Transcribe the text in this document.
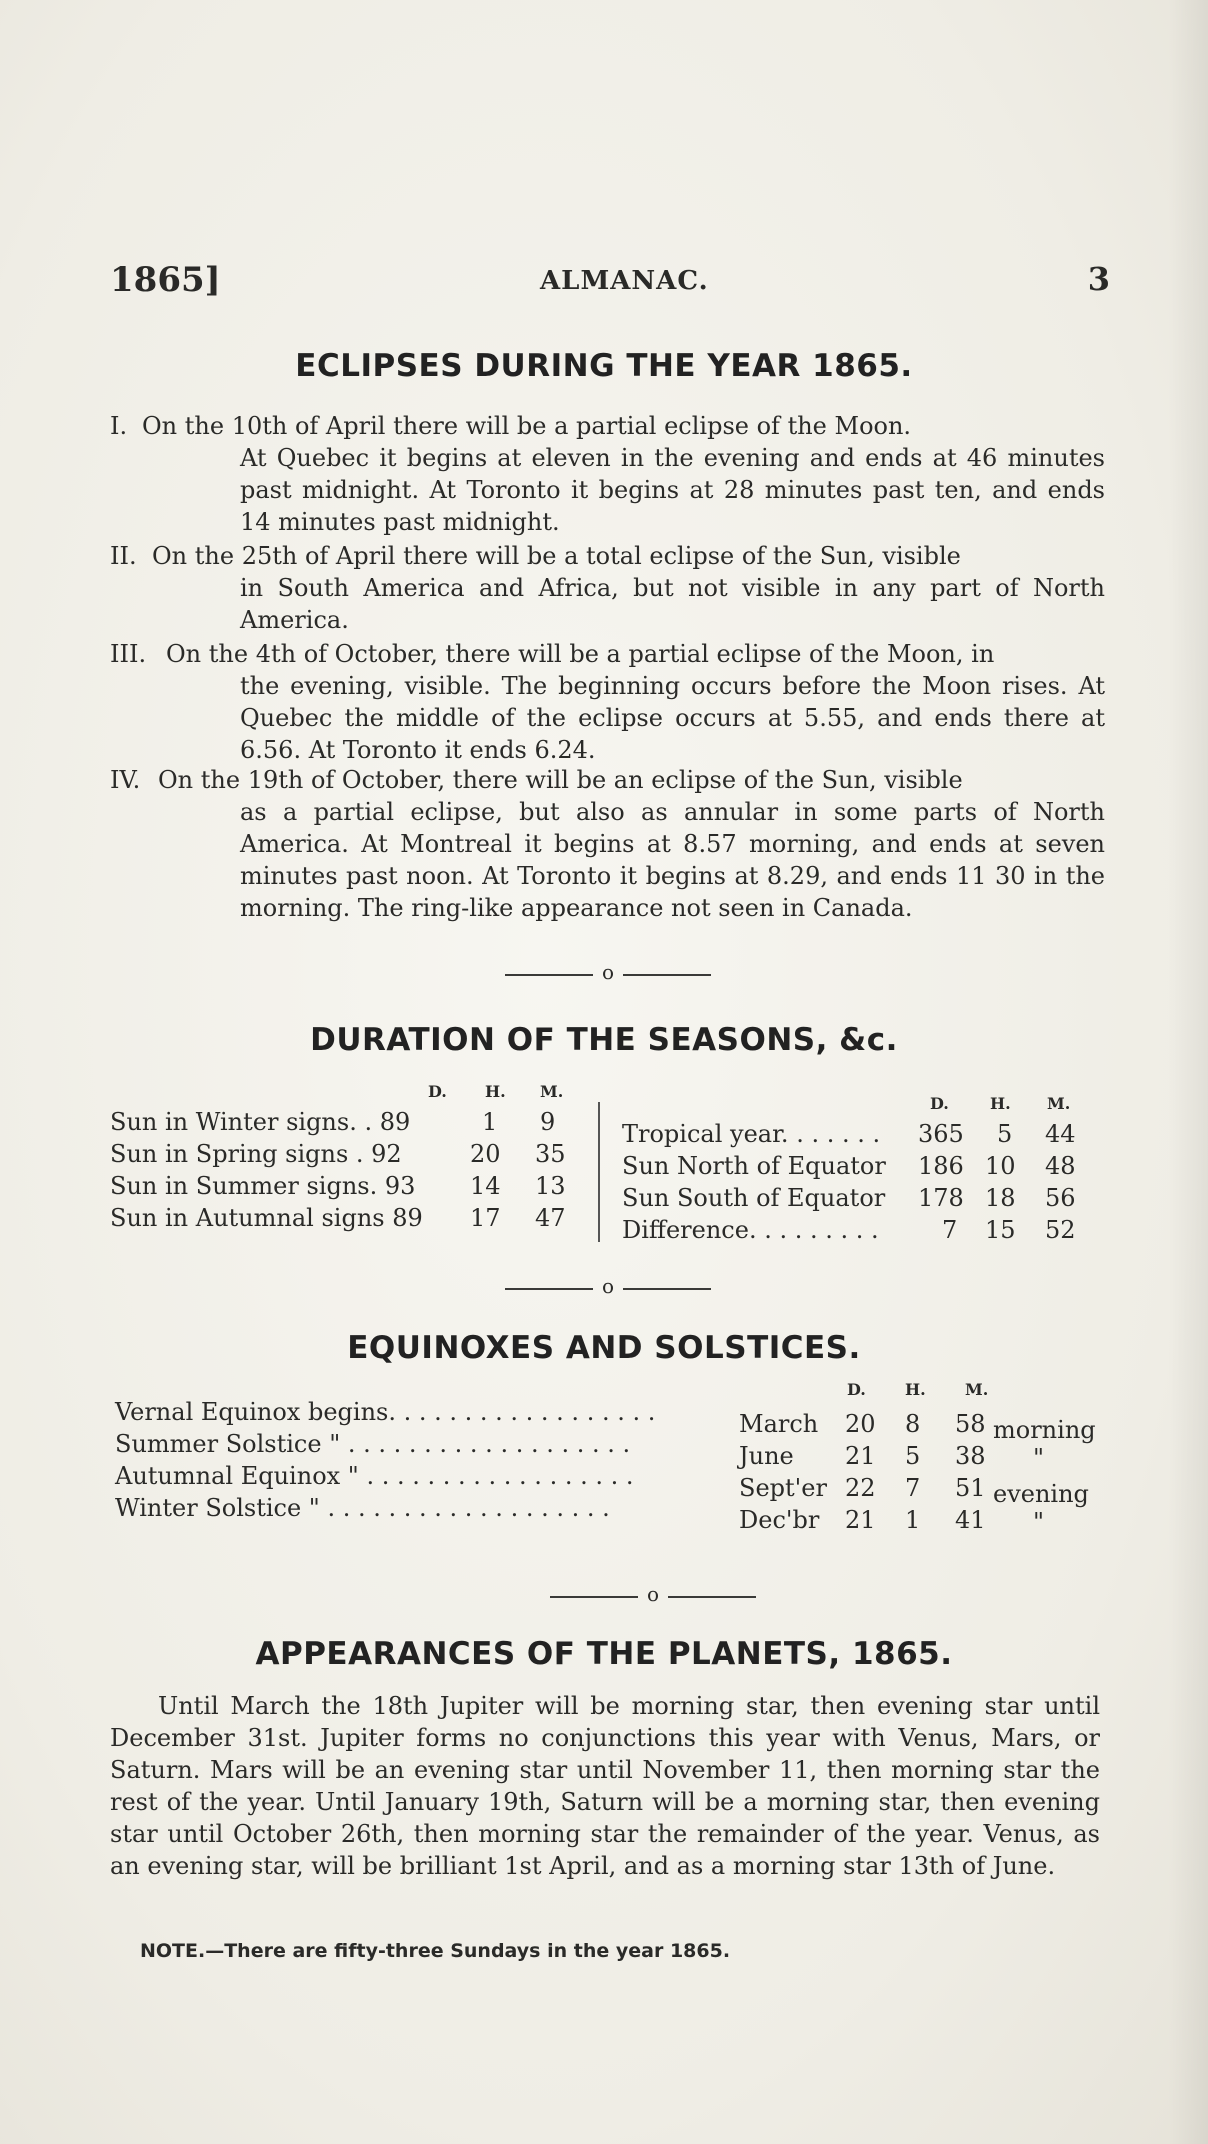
1865]	ALMANAC.	3
ECLIPSES DURING THE YEAR 1865.
I. On the 10th of April there will be a partial eclipse of the Moon.
At Quebec it begins at eleven in the evening and ends at 46 minutes past midnight. At Toronto it begins at 28 minutes past ten, and ends 14 minutes past midnight.
II. On the 25th of April there will be a total eclipse of the Sun, visible
in South America and Africa, but not visible in any part of North America.
III. On the 4th of October, there will be a partial eclipse of the Moon, in
the evening, visible. The beginning occurs before the Moon rises. At Quebec the middle of the eclipse occurs at 5.55, and ends there at 6.56. At Toronto it ends 6.24.
IV. On the 19th of October, there will be an eclipse of the Sun, visible
as a partial eclipse, but also as annular in some parts of North America. At Montreal it begins at 8.57 morning, and ends at seven minutes past noon. At Toronto it begins at 8.29, and ends 11 30 in the morning. The ring-like appearance not seen in Canada.
o
DURATION OF THE SEASONS, &c.
D. H. M.
D.	H. M.
Sun in Winter signs. . 89	1 9	Tropical year. . . . . . . 365 5 44
Sun in Spring signs . 92	20 35 Sun North of Equator 186 10 48
Sun in Summer signs. 93 14 13 Sun South of Equator 178 18 56
Sun in Autumnal signs 89 17 47 Difference. . . . . . . . .	7 15 52
o
EQUINOXES AND SOLSTICES.
D. H. M.
Vernal Equinox begins. . . . . . . . . . . . . . . . . .	March 20 8 58 morning
Summer Solstice " . . . . . . . . . . . . . . . . . . .	June 21 5 38 "
Autumnal Equinox " . . . . . . . . . . . . . . . . . .	Sept'er 22 7 51 evening
Winter Solstice " . . . . . . . . . . . . . . . . . . .	Dec'br 21 1 41 "
o
APPEARANCES OF THE PLANETS, 1865.
Until March the 18th Jupiter will be morning star, then evening star until December 31st. Jupiter forms no conjunctions this year with Venus, Mars, or Saturn. Mars will be an evening star until November 11, then morning star the rest of the year. Until January 19th, Saturn will be a morning star, then evening star until October 26th, then morning star the remainder of the year. Venus, as an evening star, will be brilliant 1st April, and as a morning star 13th of June.
NOTE.—There are fifty-three Sundays in the year 1865.
